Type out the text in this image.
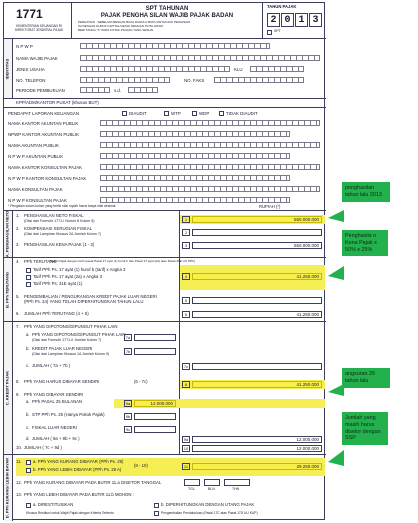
1771
KEMENTERIAN KEUANGAN RI DIREKTORAT JENDERAL PAJAK
SPT TAHUNAN
PAJAK PENGHA SILAN WAJIB PAJAK BADAN
PERHATIAN : SEBELUM MENGISI BACA DAHULU BUKU PETUNJUK PENGISIAN
ISI DENGAN HURUF KAPITAL/CETAK DENGAN TINTA HITAM
BERI TANDA "X" PADA KOTAK PILIHAN YANG SESUAI
TAHUN PAJAK
2 0 1 3
SPT
IDENTITAS
N P W P
NAMA WAJIB PAJAK
JENIS USAHA	KLU
NO. TELEPON	NO. FAKS
PERIODE PEMBUKUAN	s.d.
KPP/ADM/KANTOR PUSAT (khusus BUT)
PENDAPAT LAPORAN KEUANGAN	DIAUDIT	WTP	WDP	TIDAK DIAUDIT
NAMA KANTOR AKUNTAN PUBLIK
NPWP KANTOR AKUNTAN PUBLIK
NAMA AKUNTAN PUBLIK
N P W P AKUNTAN PUBLIK
NAMA KANTOR KONSULTAN PAJAK
N P W P KANTOR KONSULTAN PAJAK
NAMA KONSULTAN PAJAK
N P W P KONSULTAN PAJAK
* Pengisian kolom-kolom yang berisi nilai rupiah harus tanpa nilai desimal	RUPIAH (*)
A. PENGHASILAN NETO
B. PPh TERUTANG
C. KREDIT PAJAK
D. PPh KURANG/ LEBIH BAYAR
1. PENGHASILAN NETO FISKAL
(Diisi dari Formulir 1771-I Nomor 8 Kolom 5)	1	550.000.000
2. KOMPENSASI KERUGIAN FISKAL
(Diisi dari Lampiran Khusus 2A Jumlah Kolom 7)	2
3. PENGHASILAN KENA PAJAK (1 - 2)	3	550.000.000
4. PPh TERUTANG
(Wajib Pajak dengan tarif sesuai Pasal 17 ayat (1) huruf b dan Pasal 17 ayat (2a) atau Pasal 31E UU PPh)
Tarif PPh Ps. 17 ayat (1) huruf b (tarif) x Angka 3
Tarif PPh Ps. 17 ayat (2a) x Angka 3
Tarif PPh Ps. 31E ayat (1)
4	41.250.000
5. PENGEMBALIAN / PENGURANGAN KREDIT PAJAK LUAR NEGERI
(PPh Ps. 24) YANG TELAH DIPERHITUNGKAN TAHUN LALU	5
6. JUMLAH PPh TERUTANG (4 + 5)	6	41.250.000
7. PPh YANG DIPOTONG/DIPUNGUT PIHAK LAIN
a. PPh YANG DIPOTONG/DIPUNGUT PIHAK LAIN
(Diisi dari Formulir 1771-II Jumlah Kolom 7)	7a
b. KREDIT PAJAK LUAR NEGERI
(Diisi dari Lampiran Khusus 1A Jumlah Kolom 9)	7b
c. JUMLAH ( 7a + 7b )	7c
8. PPh YANG HARUS DIBAYAR SENDIRI	(6 - 7c)
8	41.250.000
9. PPh YANG DIBAYAR SENDIRI
a. PPh PASAL 25 BULANAN	9a	12.000.000
b. STP PPh Ps. 25 (Hanya Pokok Pajak)	9b
c. FISKAL LUAR NEGERI	9c
d. JUMLAH ( 9a + 9b + 9c )	9d	12.000.000
10. JUMLAH ( 7c + 9d )	10	12.000.000
11.	a. PPh YANG KURANG DIBAYAR (PPh Ps. 29)
b. PPh YANG LEBIH DIBAYAR (PPh Ps. 28 A)
(8 - 10)	11	29.250.000
12. PPh YANG KURANG DIBAYAR PADA BUTIR 11.a DISETOR TANGGAL
TGL	BLN	THN
13. PPh YANG LEBIH DIBAYAR PADA BUTIR 11.b MOHON :
a. DIRESTITUSIKAN	b. DIPERHITUNGKAN DENGAN UTANG PAJAK
Khusus Restitusi untuk Wajib Pajak dengan Kriteria Tertentu	Pengembalian Pendahuluan (Pasal 17C atau Pasal 17D UU KUP)
penghasilan tahun lalu 2013
Penghasila n Kena Pajak x 50% x 25%
angsuran 25 tahun lalu
Jumlah yang masih harus disetor dengan SSP
